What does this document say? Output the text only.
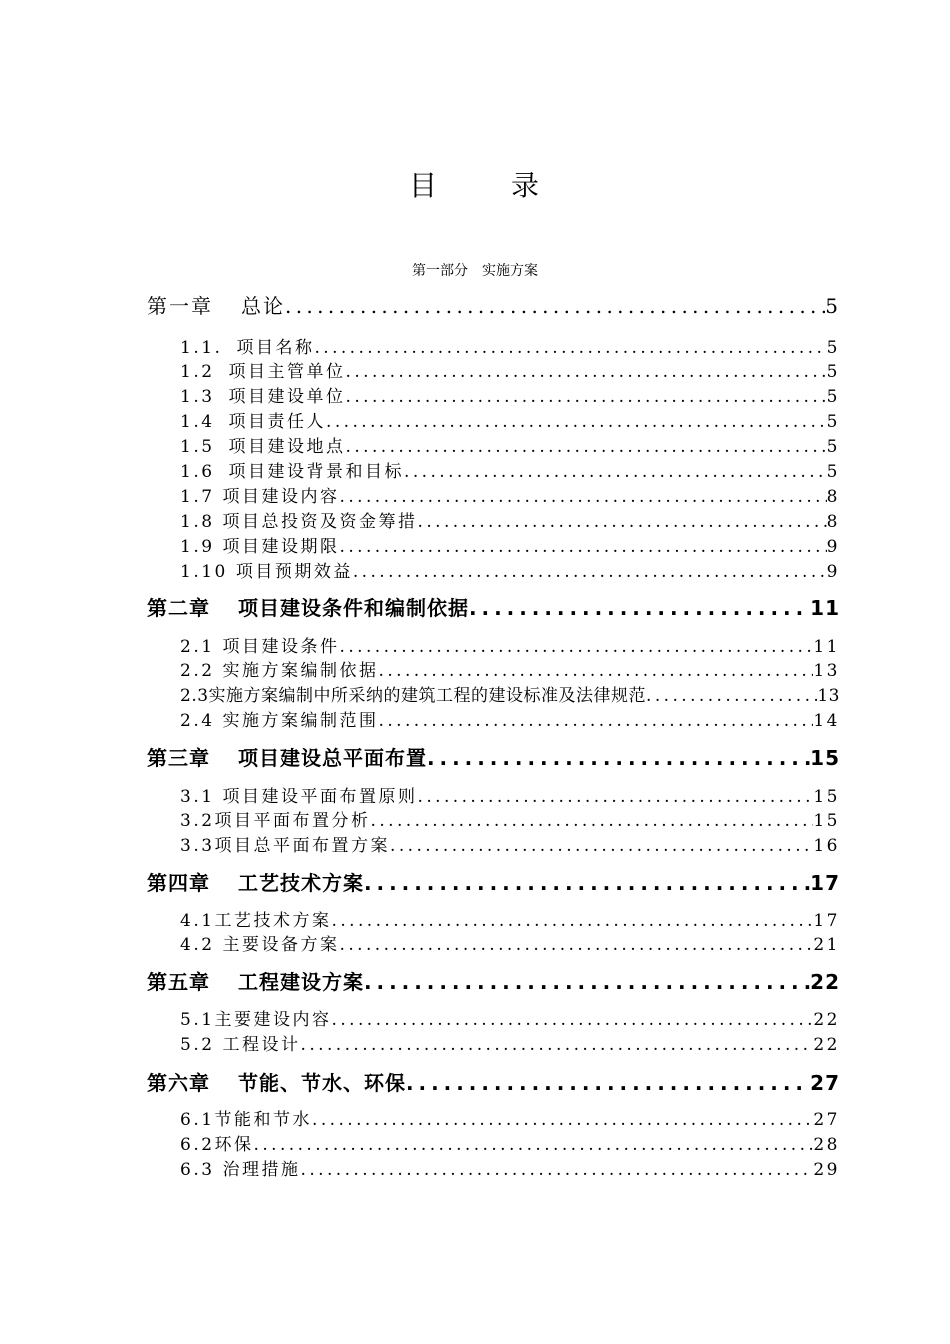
目	录
第一部分 实施方案
第一章 总论 . . .	5
1.1. 项目名称 . . .	5
1.2 项目主管单位 . . .	5
1.3 项目建设单位 . . .	5
1.4 项目责任人 . . .	5
1.5 项目建设地点 . . .	5
1.6 项目建设背景和目标 . . .	5
1.7 项目建设内容 . . .	8
1.8 项目总投资及资金筹措 . . .	8
1.9 项目建设期限 . . .	9
1.10 项目预期效益 . . .	9
第二章 项目建设条件和编制依据 . . .	11
2.1 项目建设条件 . . .	11
2.2 实施方案编制依据 . . .	13
2.3实施方案编制中所采纳的建筑工程的建设标准及法律规范 . . .	13
2.4 实施方案编制范围 . . .	14
第三章 项目建设总平面布置 . . .	15
3.1 项目建设平面布置原则 . . .	15
3.2项目平面布置分析 . . .	15
3.3项目总平面布置方案 . . .	16
第四章 工艺技术方案 . . .	17
4.1工艺技术方案 . . .	17
4.2 主要设备方案 . . .	21
第五章 工程建设方案 . . .	22
5.1主要建设内容 . . .	22
5.2 工程设计 . . .	22
第六章 节能、节水、环保 . . .	27
6.1节能和节水 . . .	27
6.2环保 . . .	28
6.3 治理措施 . . .	29
